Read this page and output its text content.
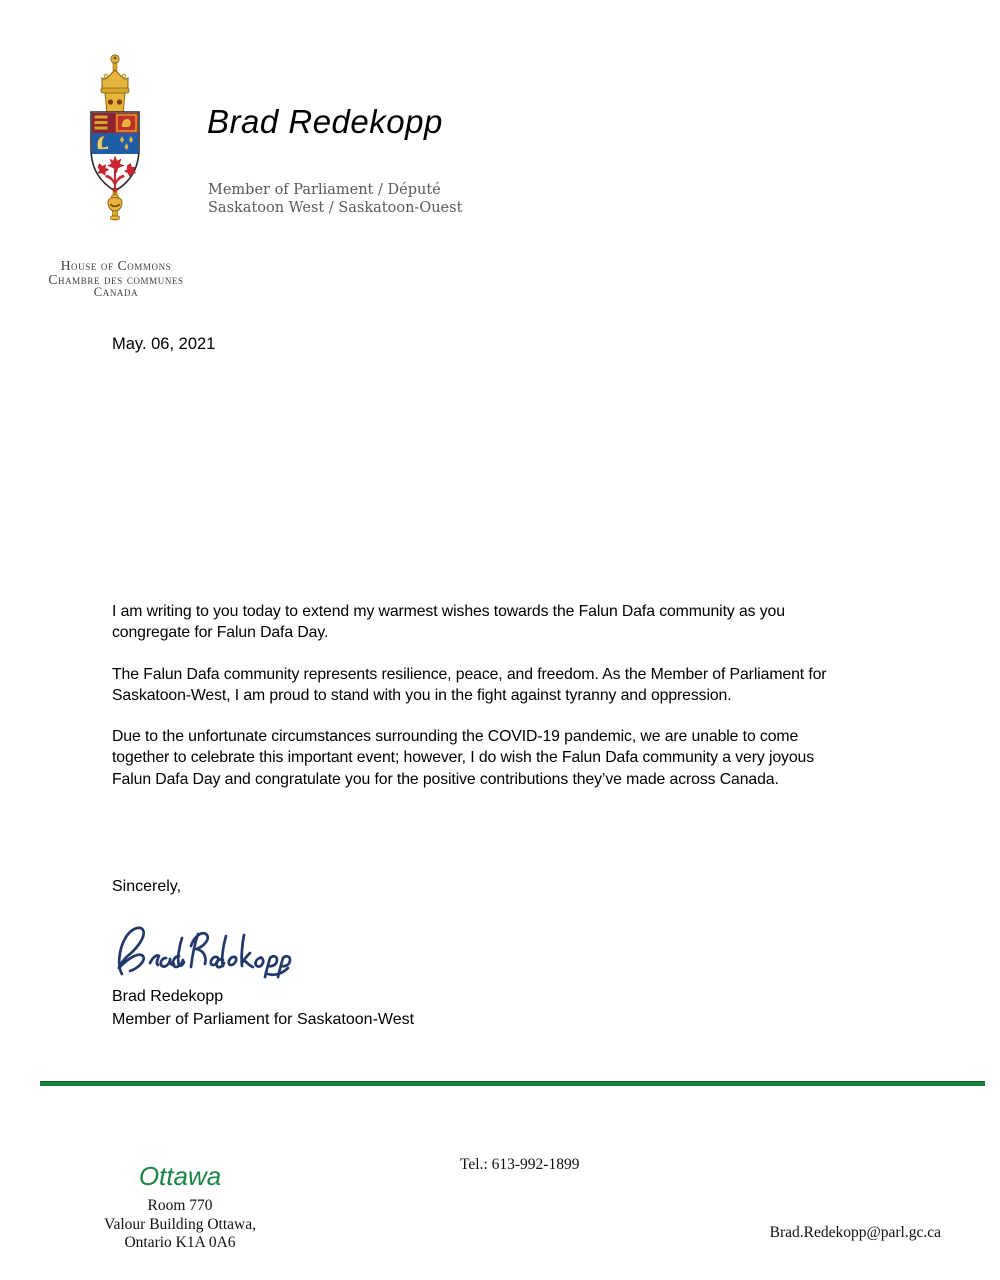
House of Commons
Chambre des communes
Canada
Brad Redekopp
Member of Parliament / Député
Saskatoon West / Saskatoon-Ouest
May. 06, 2021

I am writing to you today to extend my warmest wishes towards the Falun Dafa community as you congregate for Falun Dafa Day.

The Falun Dafa community represents resilience, peace, and freedom. As the Member of Parliament for Saskatoon-West, I am proud to stand with you in the fight against tyranny and oppression.

Due to the unfortunate circumstances surrounding the COVID-19 pandemic, we are unable to come together to celebrate this important event; however, I do wish the Falun Dafa community a very joyous Falun Dafa Day and congratulate you for the positive contributions they’ve made across Canada.

Sincerely,
Brad Redekopp
Member of Parliament for Saskatoon-West
Ottawa
Room 770
Valour Building Ottawa,
Ontario K1A 0A6
Tel.: 613-992-1899
Brad.Redekopp@parl.gc.ca
